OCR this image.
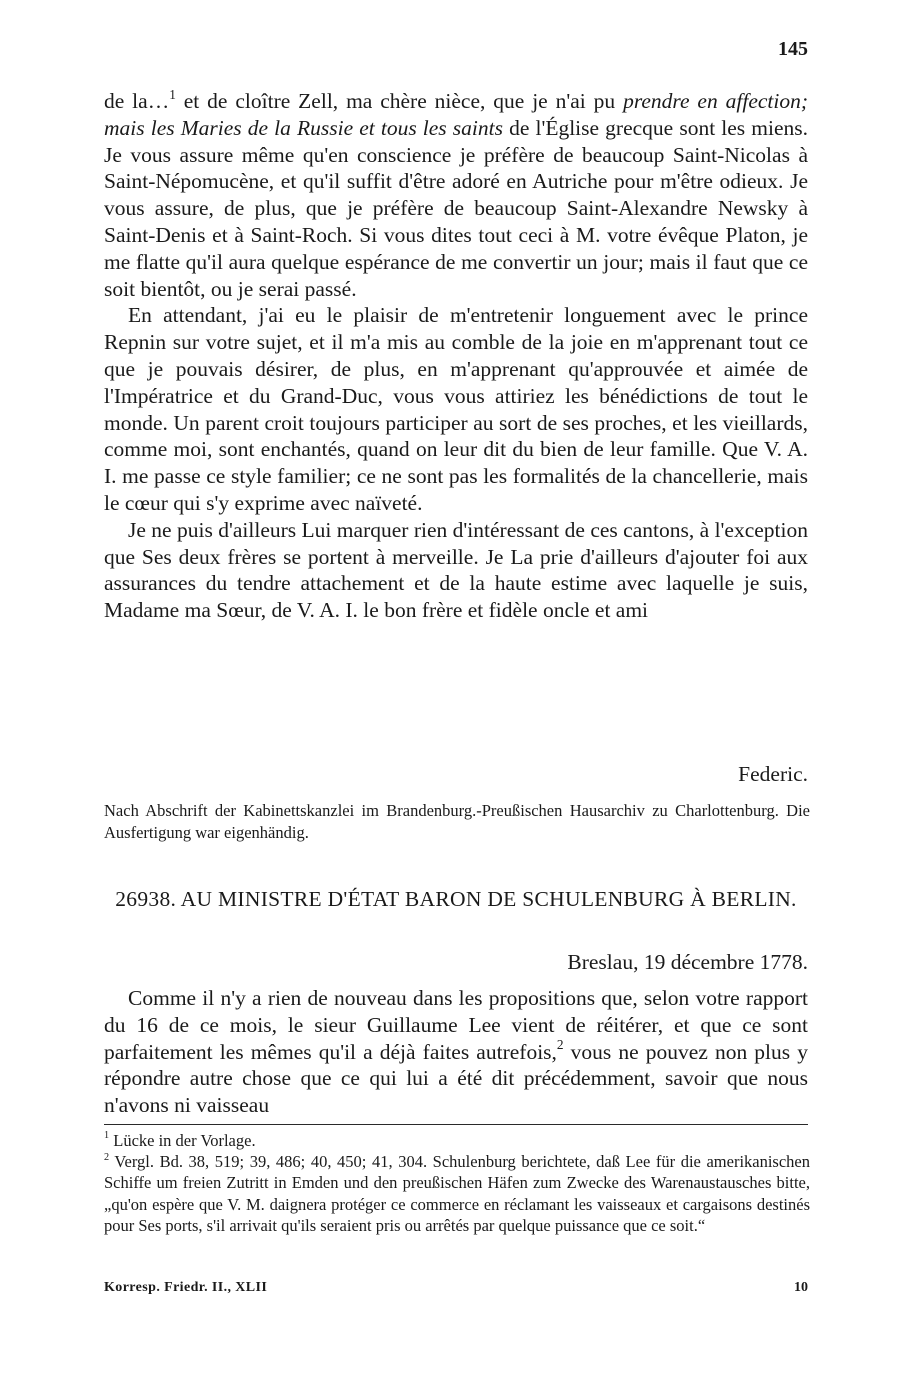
145

de la…$^1$ et de cloître Zell, ma chère nièce, que je n'ai pu prendre en affection; mais les Maries de la Russie et tous les saints de l'Église grecque sont les miens. Je vous assure même qu'en conscience je préfère de beaucoup Saint-Nicolas à Saint-Népomucène, et qu'il suffit d'être adoré en Autriche pour m'être odieux. Je vous assure, de plus, que je préfère de beaucoup Saint-Alexandre Newsky à Saint-Denis et à Saint-Roch. Si vous dites tout ceci à M. votre évêque Platon, je me flatte qu'il aura quelque espérance de me convertir un jour; mais il faut que ce soit bientôt, ou je serai passé.

En attendant, j'ai eu le plaisir de m'entretenir longuement avec le prince Repnin sur votre sujet, et il m'a mis au comble de la joie en m'apprenant tout ce que je pouvais désirer, de plus, en m'apprenant qu'approuvée et aimée de l'Impératrice et du Grand-Duc, vous vous attiriez les bénédictions de tout le monde. Un parent croit toujours participer au sort de ses proches, et les vieillards, comme moi, sont enchantés, quand on leur dit du bien de leur famille. Que V. A. I. me passe ce style familier; ce ne sont pas les formalités de la chancellerie, mais le cœur qui s'y exprime avec naïveté.

Je ne puis d'ailleurs Lui marquer rien d'intéressant de ces cantons, à l'exception que Ses deux frères se portent à merveille. Je La prie d'ailleurs d'ajouter foi aux assurances du tendre attachement et de la haute estime avec laquelle je suis, Madame ma Sœur, de V. A. I. le bon frère et fidèle oncle et ami

Federic.
Nach Abschrift der Kabinettskanzlei im Brandenburg.-Preußischen Hausarchiv zu Charlottenburg. Die Ausfertigung war eigenhändig.
26938. AU MINISTRE D'ÉTAT BARON DE SCHULENBURG À BERLIN.
Breslau, 19 décembre 1778.

Comme il n'y a rien de nouveau dans les propositions que, selon votre rapport du 16 de ce mois, le sieur Guillaume Lee vient de réitérer, et que ce sont parfaitement les mêmes qu'il a déjà faites autrefois,$^2$ vous ne pouvez non plus y répondre autre chose que ce qui lui a été dit précédemment, savoir que nous n'avons ni vaisseau

$^1$ Lücke in der Vorlage.

$^2$ Vergl. Bd. 38, 519; 39, 486; 40, 450; 41, 304. Schulenburg berichtete, daß Lee für die amerikanischen Schiffe um freien Zutritt in Emden und den preußischen Häfen zum Zwecke des Warenaustausches bitte, „qu'on espère que V. M. daignera protéger ce commerce en réclamant les vaisseaux et cargaisons destinés pour Ses ports, s'il arrivait qu'ils seraient pris ou arrêtés par quelque puissance que ce soit.“

Korresp. Friedr. II., XLII	10
